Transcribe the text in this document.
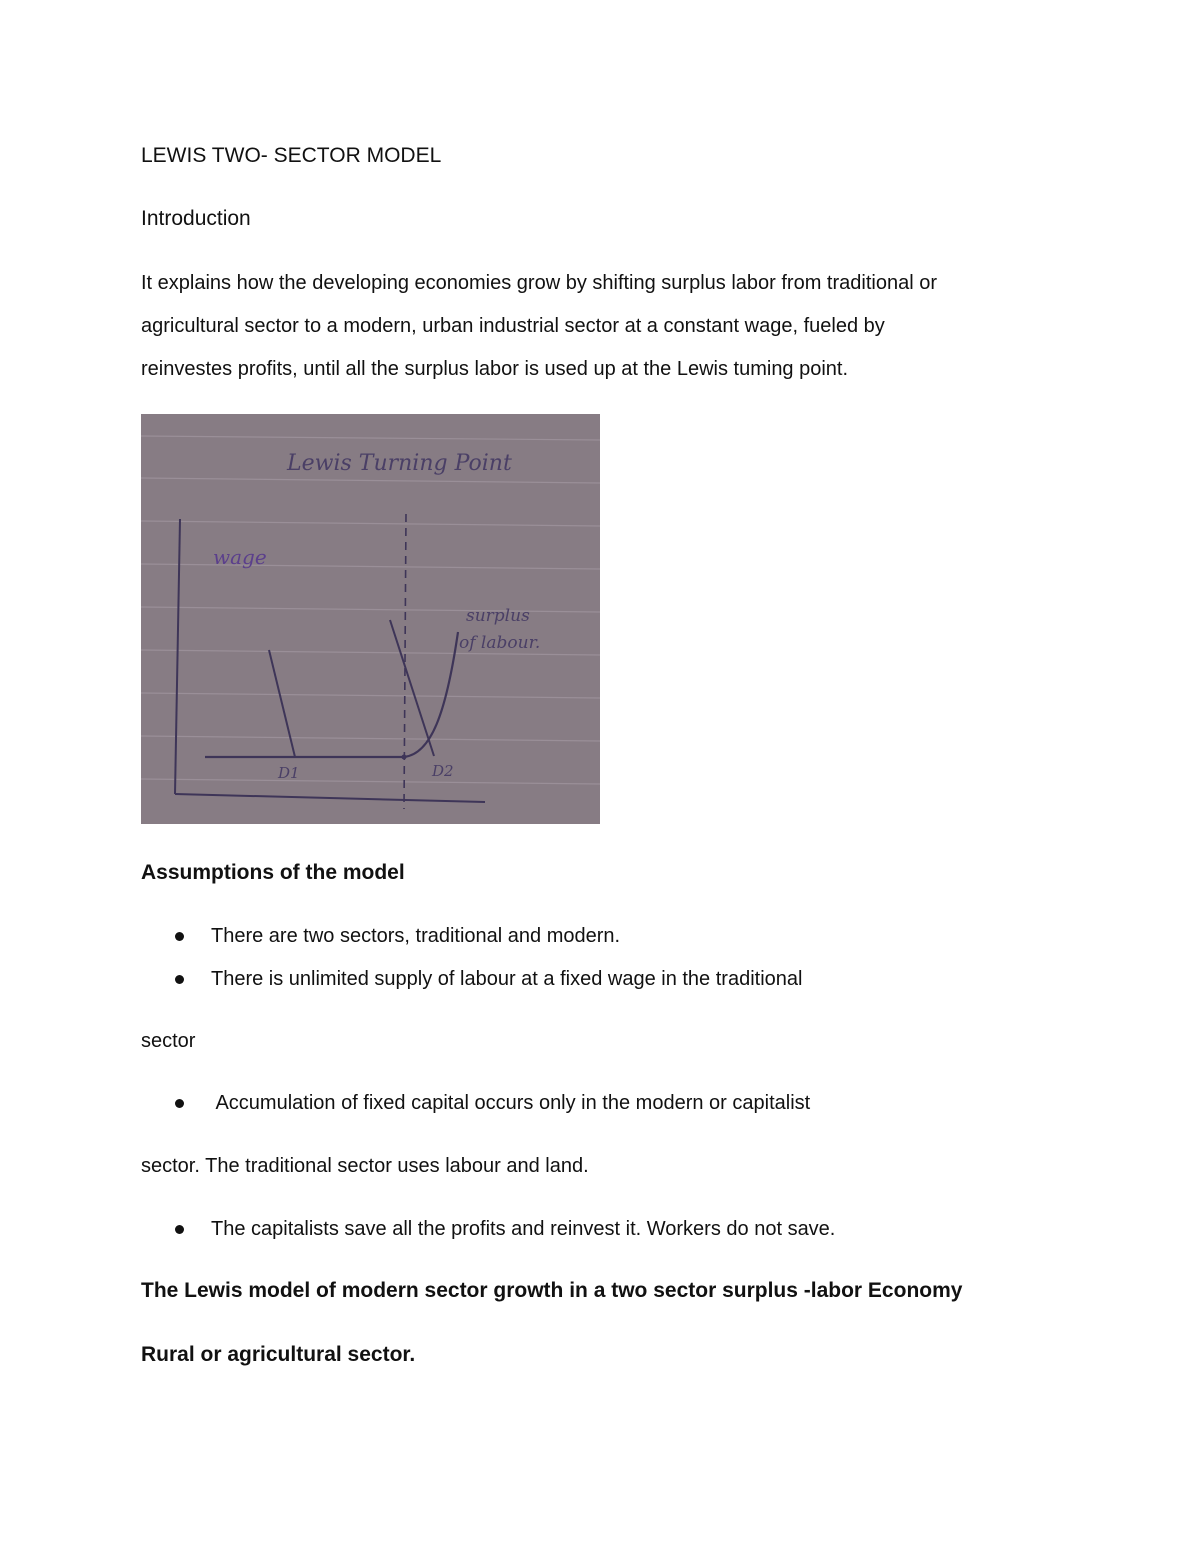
LEWIS TWO- SECTOR MODEL
Introduction
It explains how the developing economies grow by shifting surplus labor from traditional or
agricultural sector to a modern, urban industrial sector at a constant wage, fueled by
reinvestes profits, until all the surplus labor is used up at the Lewis tuming point.
Lewis Turning Point
wage
D1	D2
surplus of labour.
Assumptions of the model
There are two sectors, traditional and modern.
There is unlimited supply of labour at a fixed wage in the traditional
sector
Accumulation of fixed capital occurs only in the modern or capitalist
sector. The traditional sector uses labour and land.
The capitalists save all the profits and reinvest it. Workers do not save.
The Lewis model of modern sector growth in a two sector surplus -labor Economy
Rural or agricultural sector.
